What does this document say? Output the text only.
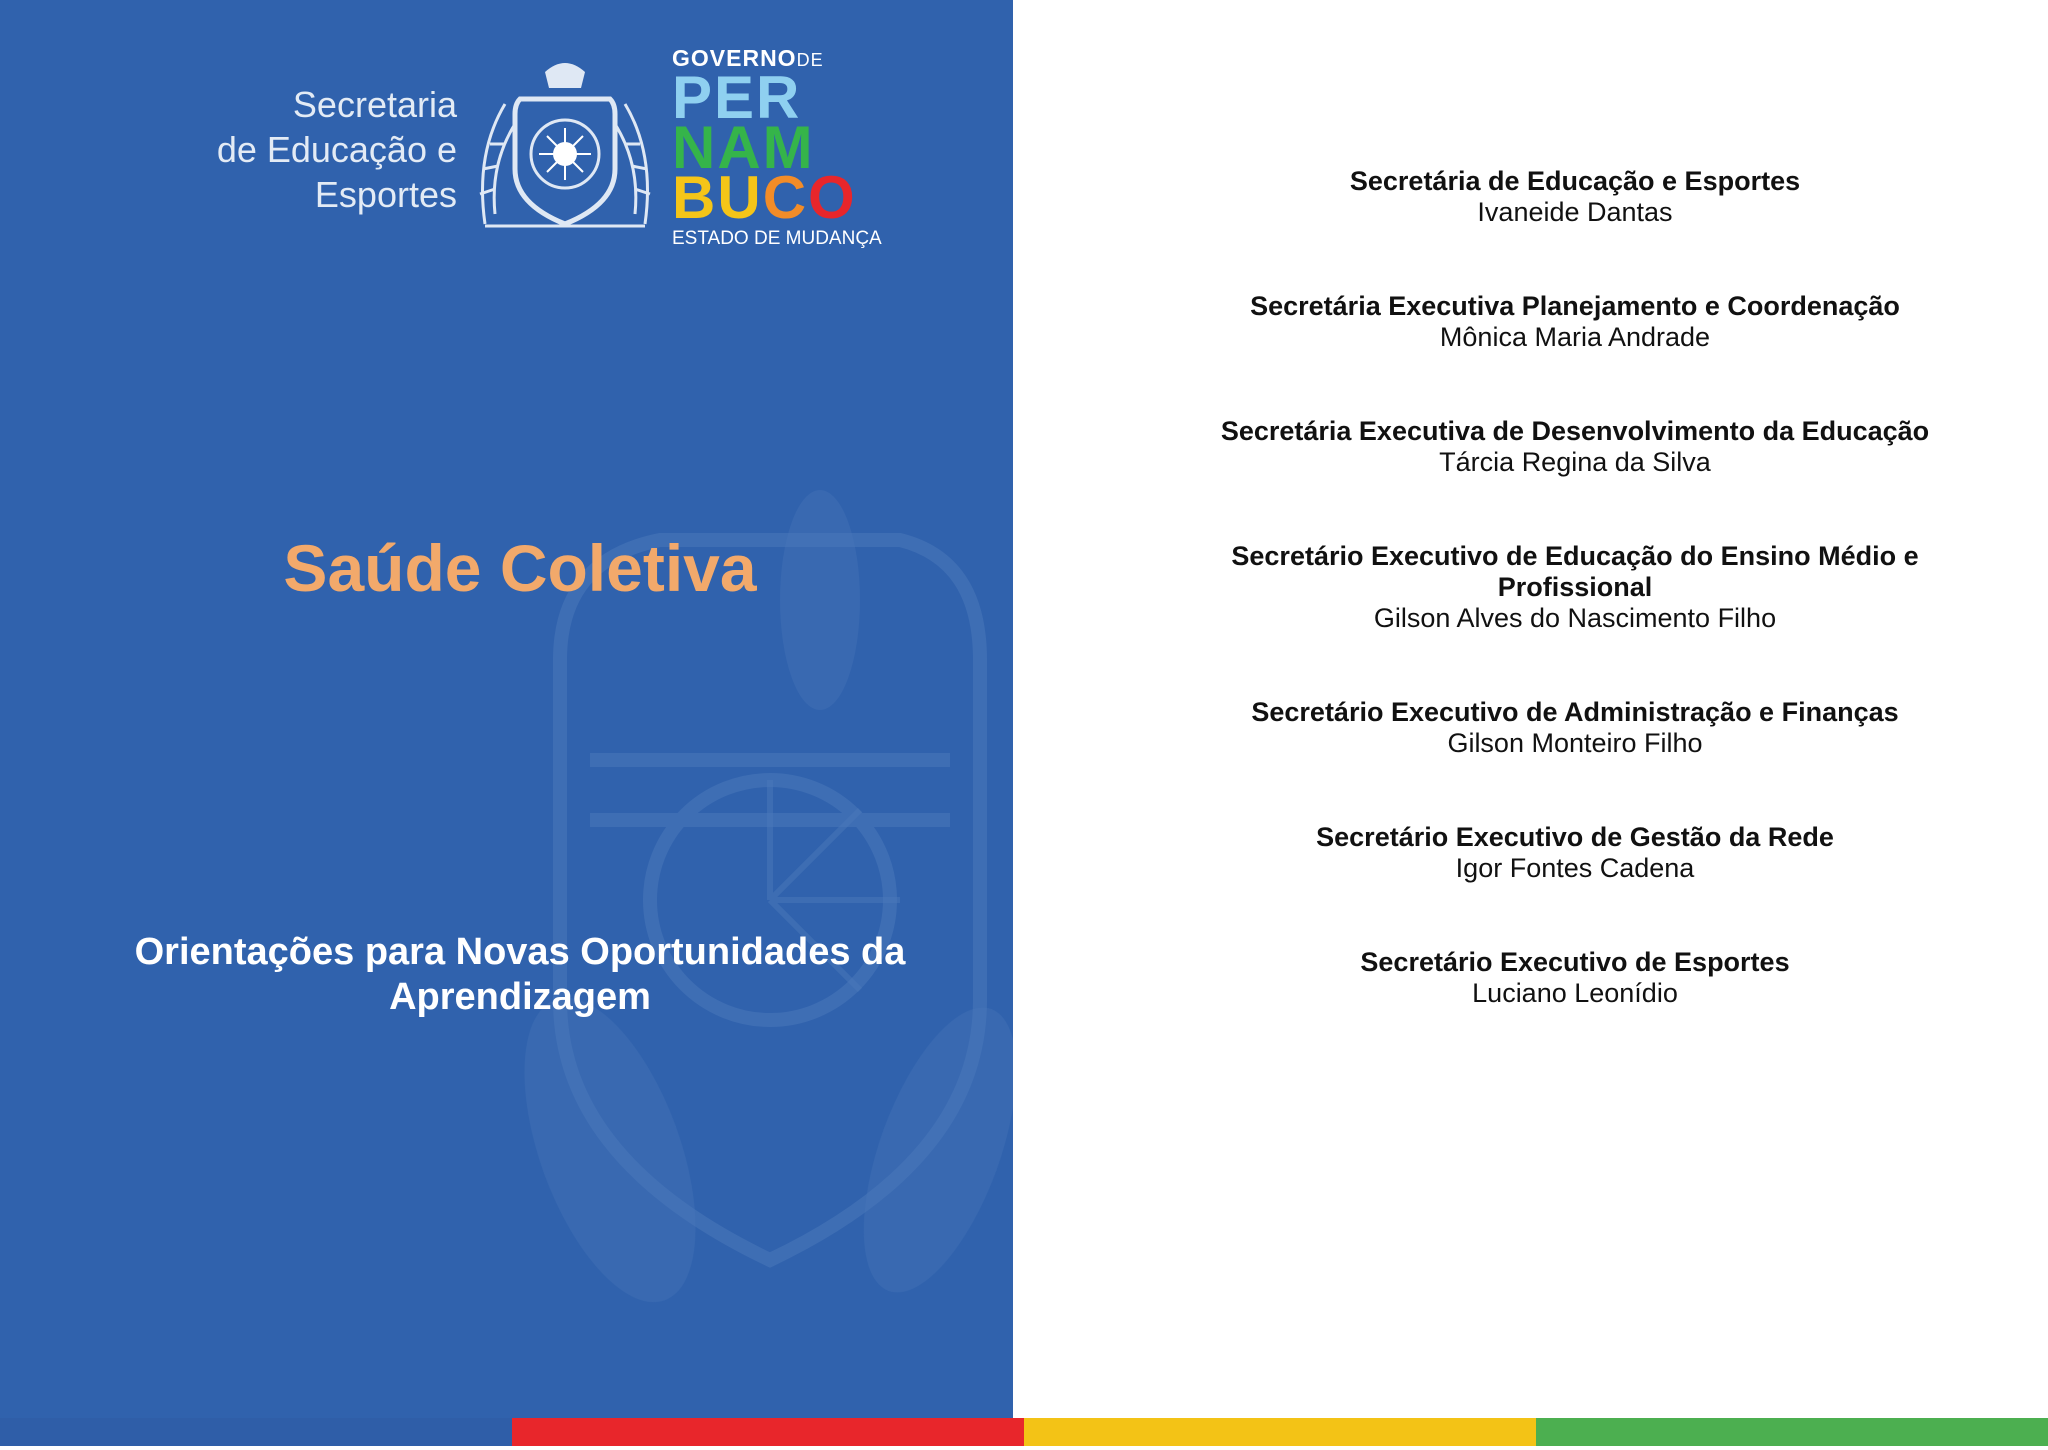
Secretaria
de Educação e
Esportes
GOVERNODE
PER
NAM
BUCO
ESTADO DE MUDANÇA
Saúde Coletiva
Orientações para Novas Oportunidades da Aprendizagem
Secretária de Educação e Esportes
Ivaneide Dantas
Secretária Executiva Planejamento e Coordenação
Mônica Maria Andrade
Secretária Executiva de Desenvolvimento da Educação
Tárcia Regina da Silva
Secretário Executivo de Educação do Ensino Médio e Profissional
Gilson Alves do Nascimento Filho
Secretário Executivo de Administração e Finanças
Gilson Monteiro Filho
Secretário Executivo de Gestão da Rede
Igor Fontes Cadena
Secretário Executivo de Esportes
Luciano Leonídio
